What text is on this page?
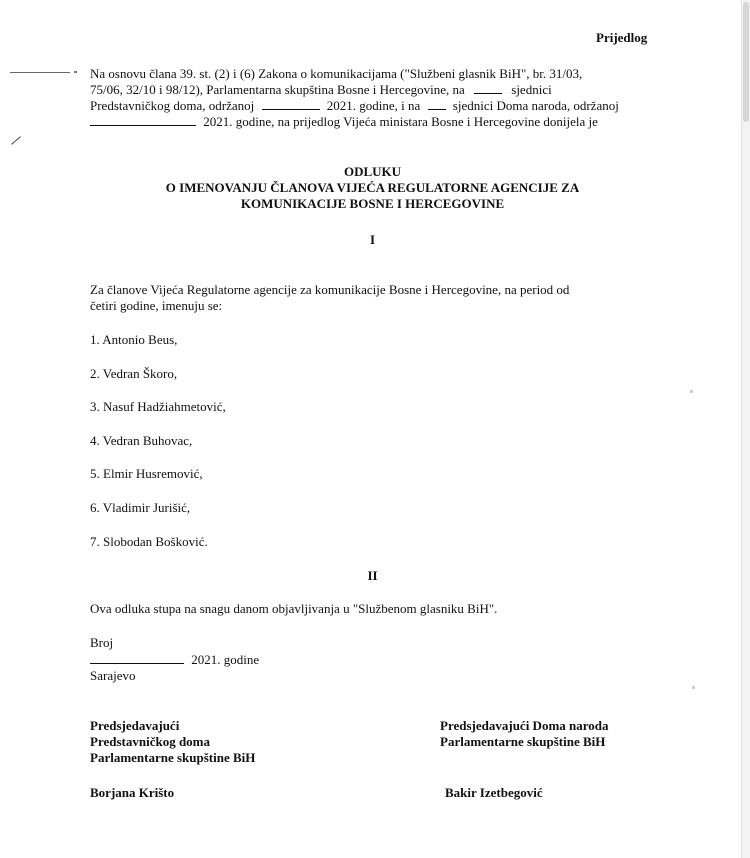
Prijedlog
Na osnovu člana 39. st. (2) i (6) Zakona o komunikacijama ("Službeni glasnik BiH", br. 31/03,
75/06, 32/10 i 98/12), Parlamentarna skupština Bosne i Hercegovine, na	sjednici
Predstavničkog doma, održanoj	2021. godine, i na	sjednici Doma naroda, održanoj
2021. godine, na prijedlog Vijeća ministara Bosne i Hercegovine donijela je
ODLUKU
O IMENOVANJU ČLANOVA VIJEĆA REGULATORNE AGENCIJE ZA
KOMUNIKACIJE BOSNE I HERCEGOVINE
I
Za članove Vijeća Regulatorne agencije za komunikacije Bosne i Hercegovine, na period od
četiri godine, imenuju se:
1. Antonio Beus,
2. Vedran Škoro,
3. Nasuf Hadžiahmetović,
4. Vedran Buhovac,
5. Elmir Husremović,
6. Vladimir Jurišić,
7. Slobodan Bošković.
II
Ova odluka stupa na snagu danom objavljivanja u "Službenom glasniku BiH".
Broj
2021. godine
Sarajevo
Predsjedavajući
Predstavničkog doma
Parlamentarne skupštine BiH
Borjana Krišto
Predsjedavajući Doma naroda
Parlamentarne skupštine BiH
Bakir Izetbegović
